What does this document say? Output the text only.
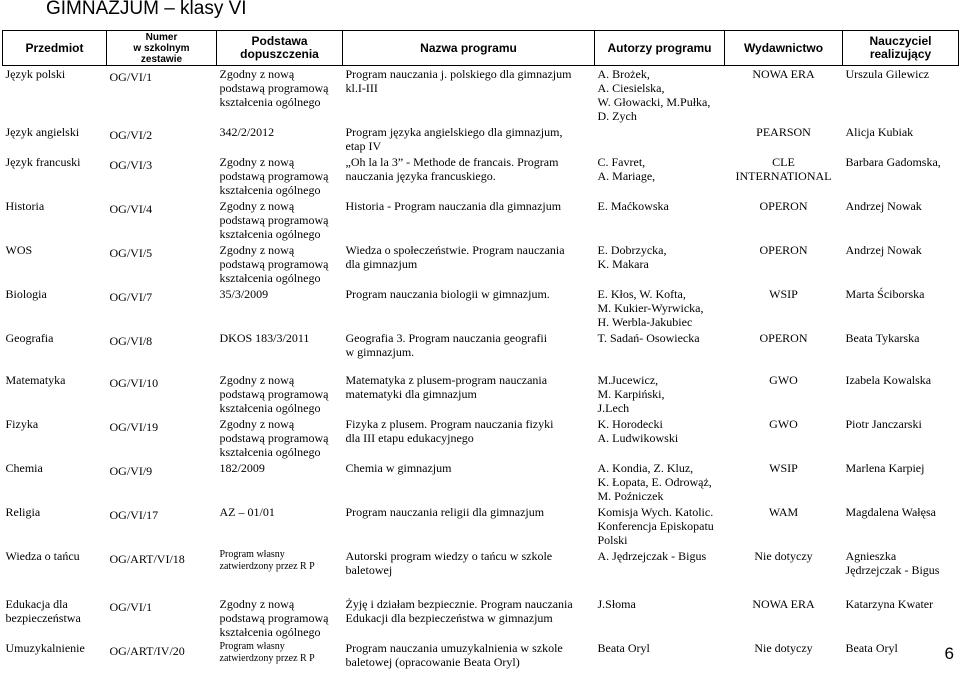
GIMNAZJUM – klasy VI
Przedmiot	Numer
w szkolnym
zestawie	Podstawa
dopuszczenia	Nazwa programu	Autorzy programu	Wydawnictwo	Nauczyciel
realizujący
Język polski	OG/VI/1	Zgodny z nową
podstawą programową
kształcenia ogólnego	Program nauczania j. polskiego dla gimnazjum
kl.I-III	A. Brożek,
A. Ciesielska,
W. Głowacki, M.Pułka,
D. Zych	NOWA ERA	Urszula Gilewicz
Język angielski	OG/VI/2	342/2/2012	Program języka angielskiego dla gimnazjum,
etap IV		PEARSON	Alicja Kubiak
Język francuski	OG/VI/3	Zgodny z nową
podstawą programową
kształcenia ogólnego	„Oh la la 3” - Methode de francais. Program
nauczania języka francuskiego.	C. Favret,
A. Mariage,	CLE
INTERNATIONAL	Barbara Gadomska,
Historia	OG/VI/4	Zgodny z nową
podstawą programową
kształcenia ogólnego	Historia - Program nauczania dla gimnazjum	E. Maćkowska	OPERON	Andrzej Nowak
WOS	OG/VI/5	Zgodny z nową
podstawą programową
kształcenia ogólnego	Wiedza o społeczeństwie. Program nauczania
dla gimnazjum	E. Dobrzycka,
K. Makara	OPERON	Andrzej Nowak
Biologia	OG/VI/7	35/3/2009	Program nauczania biologii w gimnazjum.	E. Kłos, W. Kofta,
M. Kukier-Wyrwicka,
H. Werbla-Jakubiec	WSIP	Marta Ściborska
Geografia	OG/VI/8	DKOS 183/3/2011	Geografia 3. Program nauczania geografii
w gimnazjum.	T. Sadań- Osowiecka	OPERON	Beata Tykarska
Matematyka	OG/VI/10	Zgodny z nową
podstawą programową
kształcenia ogólnego	Matematyka z plusem-program nauczania
matematyki dla gimnazjum	M.Jucewicz,
M. Karpiński,
J.Lech	GWO	Izabela Kowalska
Fizyka	OG/VI/19	Zgodny z nową
podstawą programową
kształcenia ogólnego	Fizyka z plusem. Program nauczania fizyki
dla III etapu edukacyjnego	K. Horodecki
A. Ludwikowski	GWO	Piotr Janczarski
Chemia	OG/VI/9	182/2009	Chemia w gimnazjum	A. Kondia, Z. Kluz,
K. Łopata, E. Odrowąż,
M. Poźniczek	WSIP	Marlena Karpiej
Religia	OG/VI/17	AZ – 01/01	Program nauczania religii dla gimnazjum	Komisja Wych. Katolic.
Konferencja Episkopatu
Polski	WAM	Magdalena Wałęsa
Wiedza o tańcu	OG/ART/VI/18	Program własny
zatwierdzony przez R P	Autorski program wiedzy o tańcu w szkole
baletowej	A. Jędrzejczak - Bigus	Nie dotyczy	Agnieszka
Jędrzejczak - Bigus

Edukacja dla
bezpieczeństwa	OG/VI/1	Zgodny z nową
podstawą programową
kształcenia ogólnego	Żyję i działam bezpiecznie. Program nauczania
Edukacji dla bezpieczeństwa w gimnazjum	J.Słoma	NOWA ERA	Katarzyna Kwater
Umuzykalnienie	OG/ART/IV/20	Program własny
zatwierdzony przez R P	Program nauczania umuzykalnienia w szkole
baletowej (opracowanie Beata Oryl)	Beata Oryl	Nie dotyczy	Beata Oryl	6
